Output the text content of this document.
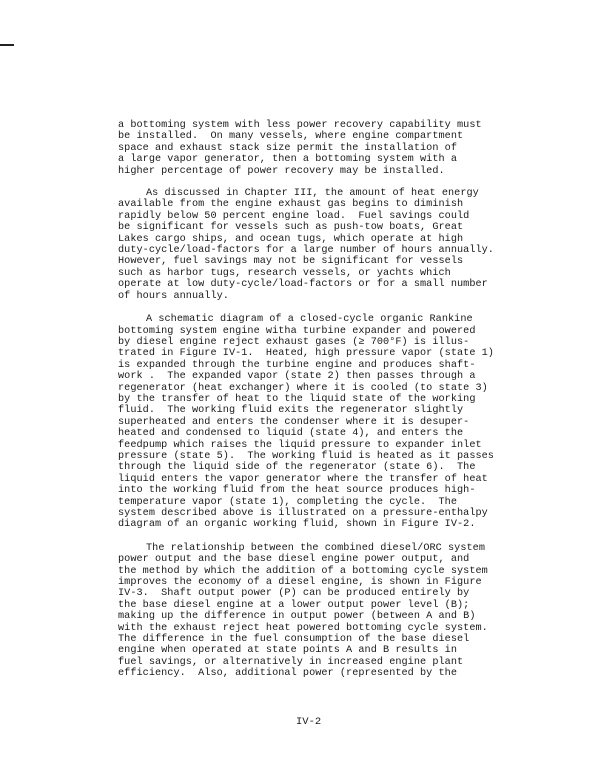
a bottoming system with less power recovery capability must
be installed.  On many vessels, where engine compartment
space and exhaust stack size permit the installation of
a large vapor generator, then a bottoming system with a
higher percentage of power recovery may be installed.
As discussed in Chapter III, the amount of heat energy
available from the engine exhaust gas begins to diminish
rapidly below 50 percent engine load.  Fuel savings could
be significant for vessels such as push-tow boats, Great
Lakes cargo ships, and ocean tugs, which operate at high
duty-cycle/load-factors for a large number of hours annually.
However, fuel savings may not be significant for vessels
such as harbor tugs, research vessels, or yachts which
operate at low duty-cycle/load-factors or for a small number
of hours annually.
A schematic diagram of a closed-cycle organic Rankine
bottoming system engine witha turbine expander and powered
by diesel engine reject exhaust gases (≥ 700°F) is illus-
trated in Figure IV-1.  Heated, high pressure vapor (state 1)
is expanded through the turbine engine and produces shaft-
work .  The expanded vapor (state 2) then passes through a
regenerator (heat exchanger) where it is cooled (to state 3)
by the transfer of heat to the liquid state of the working
fluid.  The working fluid exits the regenerator slightly
superheated and enters the condenser where it is desuper-
heated and condensed to liquid (state 4), and enters the
feedpump which raises the liquid pressure to expander inlet
pressure (state 5).  The working fluid is heated as it passes
through the liquid side of the regenerator (state 6).  The
liquid enters the vapor generator where the transfer of heat
into the working fluid from the heat source produces high-
temperature vapor (state 1), completing the cycle.  The
system described above is illustrated on a pressure-enthalpy
diagram of an organic working fluid, shown in Figure IV-2.
The relationship between the combined diesel/ORC system
power output and the base diesel engine power output, and
the method by which the addition of a bottoming cycle system
improves the economy of a diesel engine, is shown in Figure
IV-3.  Shaft output power (P) can be produced entirely by
the base diesel engine at a lower output power level (B);
making up the difference in output power (between A and B)
with the exhaust reject heat powered bottoming cycle system.
The difference in the fuel consumption of the base diesel
engine when operated at state points A and B results in
fuel savings, or alternatively in increased engine plant
efficiency.  Also, additional power (represented by the
IV-2
